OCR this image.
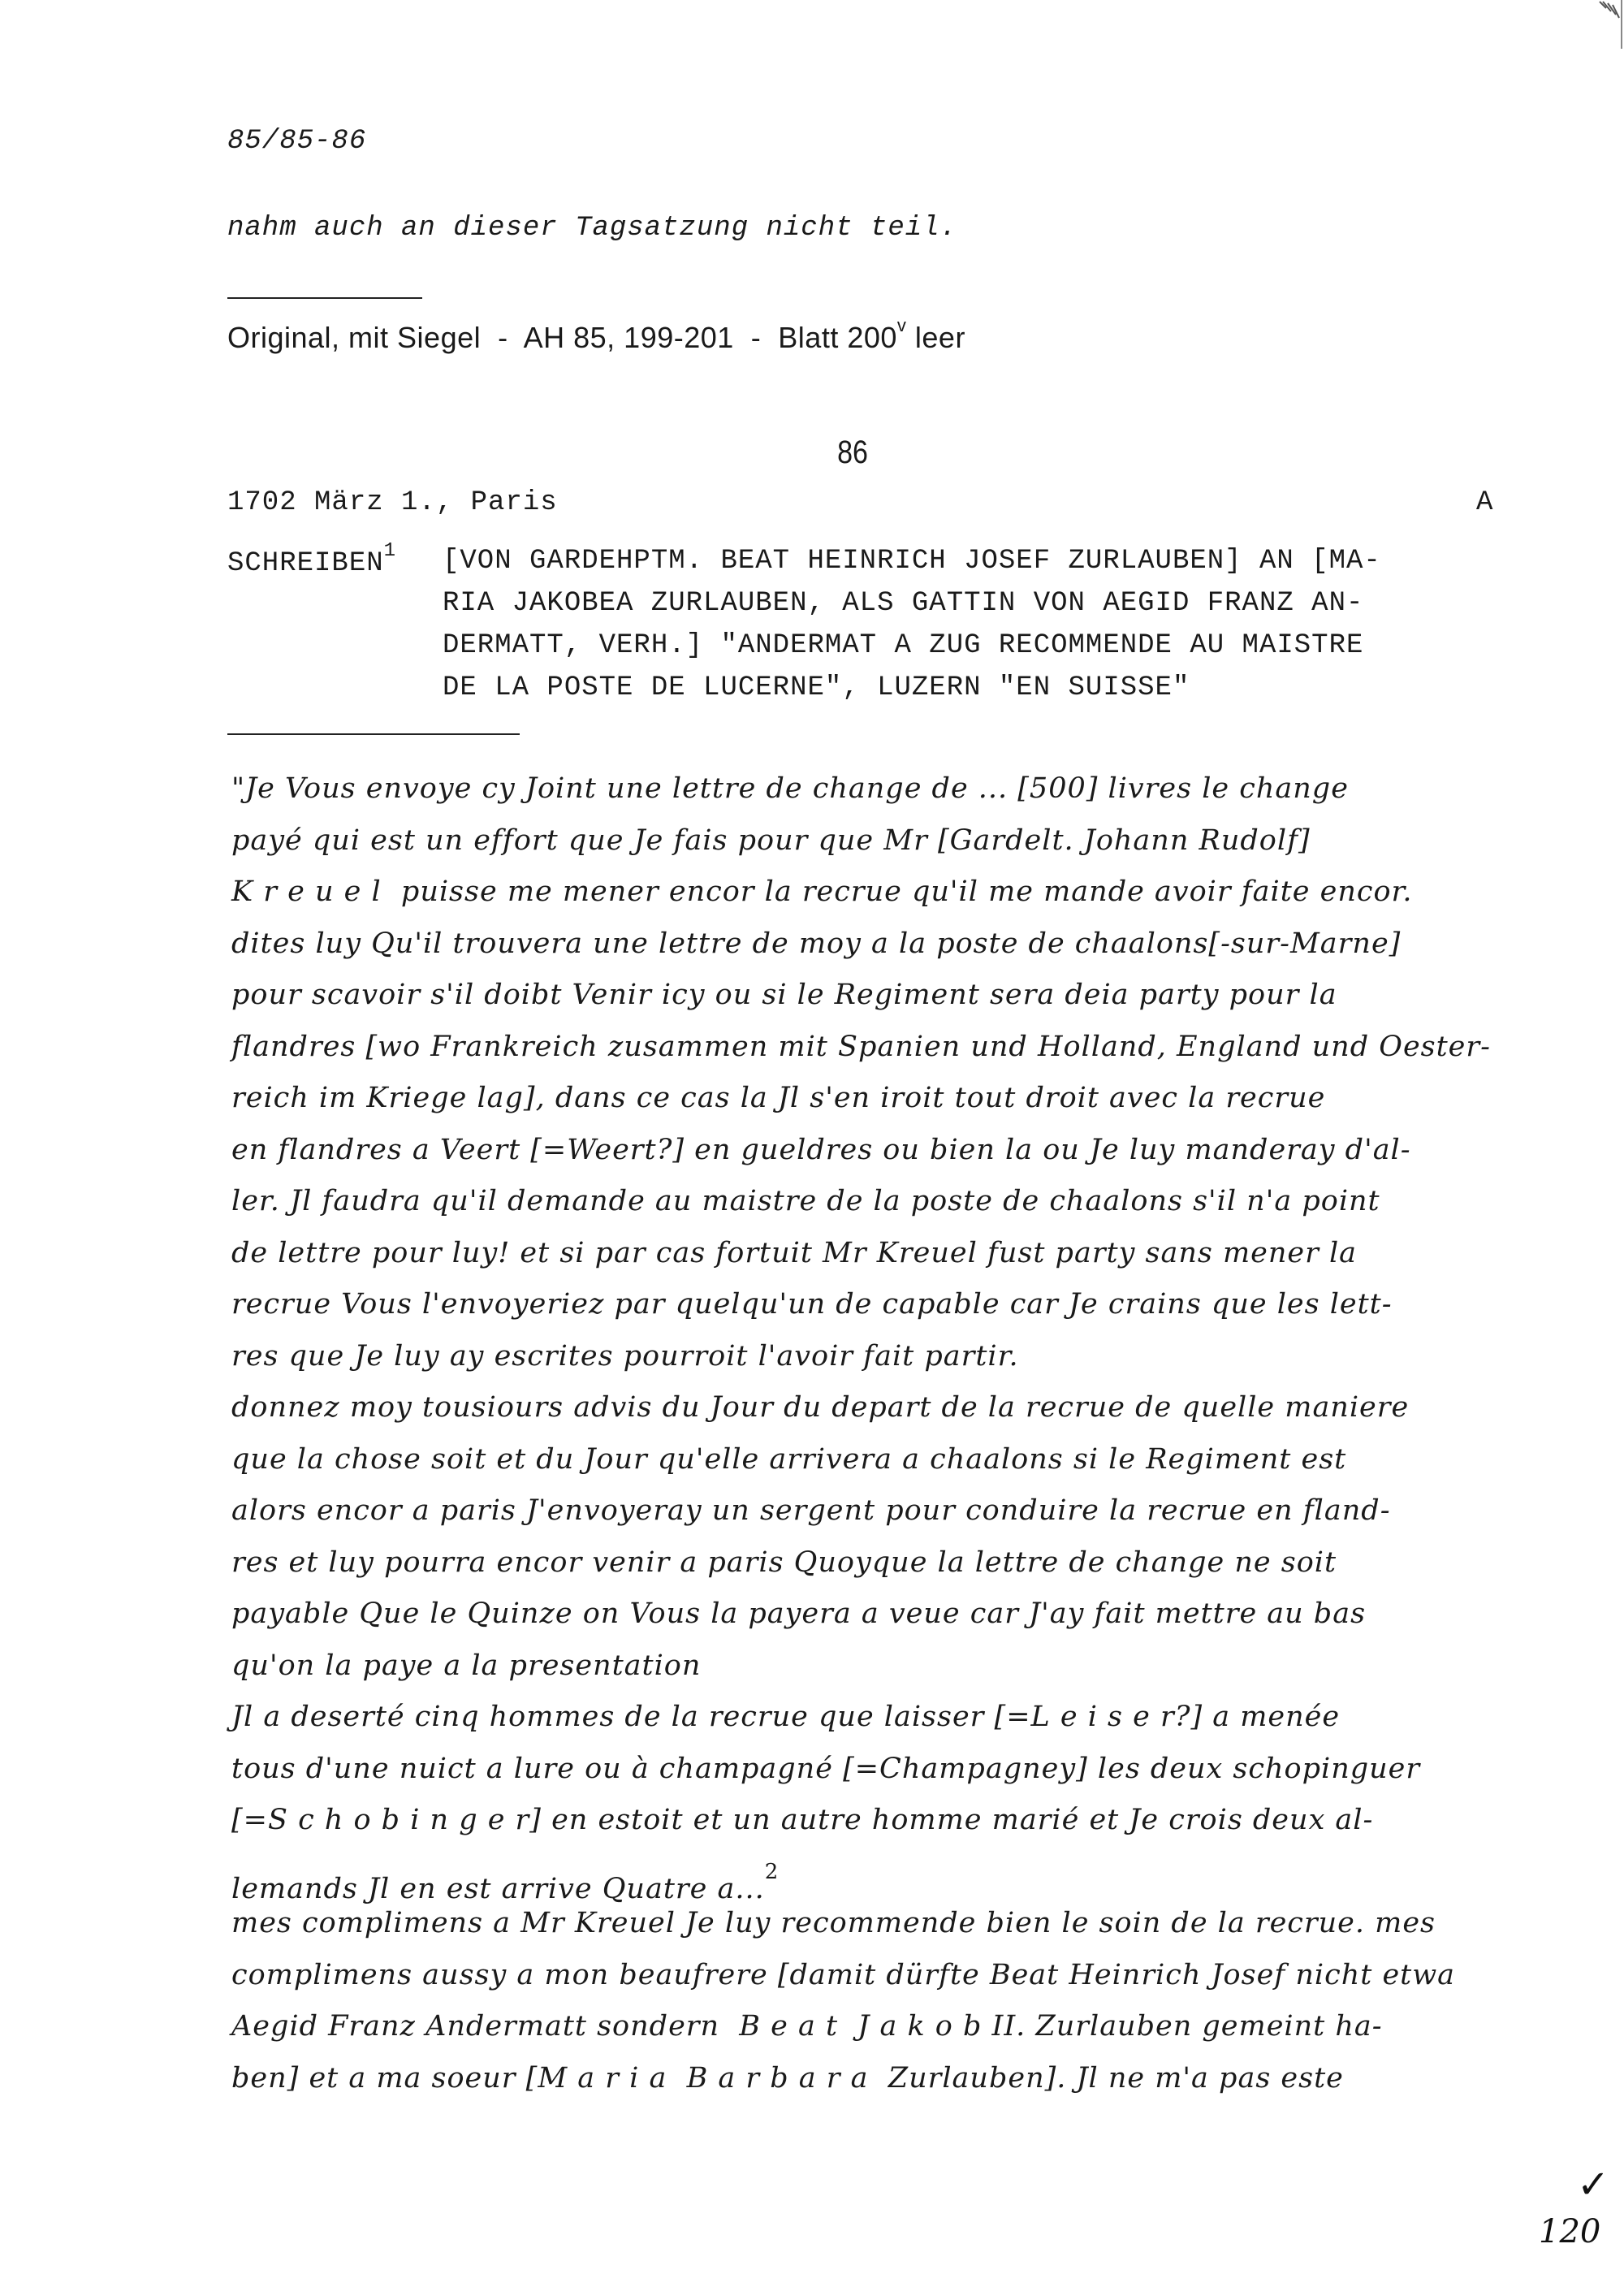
85/85-86
nahm auch an dieser Tagsatzung nicht teil.
Original, mit Siegel  -  AH 85, 199-201  -  Blatt 200$^v$ leer
86
1702 März 1., Paris	A
SCHREIBEN$^1$ [VON GARDEHPTM. BEAT HEINRICH JOSEF ZURLAUBEN] AN [MA-
RIA JAKOBEA ZURLAUBEN, ALS GATTIN VON AEGID FRANZ AN-
DERMATT, VERH.] "ANDERMAT A ZUG RECOMMENDE AU MAISTRE
DE LA POSTE DE LUCERNE", LUZERN "EN SUISSE"
"Je Vous envoye cy Joint une lettre de change de ... [500] livres le change
payé qui est un effort que Je fais pour que Mr [Gardelt. Johann Rudolf]
K r e u e l  puisse me mener encor la recrue qu'il me mande avoir faite encor.
dites luy Qu'il trouvera une lettre de moy a la poste de chaalons[-sur-Marne]
pour scavoir s'il doibt Venir icy ou si le Regiment sera deia party pour la
flandres [wo Frankreich zusammen mit Spanien und Holland, England und Oester-
reich im Kriege lag], dans ce cas la Jl s'en iroit tout droit avec la recrue
en flandres a Veert [=Weert?] en gueldres ou bien la ou Je luy manderay d'al-
ler. Jl faudra qu'il demande au maistre de la poste de chaalons s'il n'a point
de lettre pour luy! et si par cas fortuit Mr Kreuel fust party sans mener la
recrue Vous l'envoyeriez par quelqu'un de capable car Je crains que les lett-
res que Je luy ay escrites pourroit l'avoir fait partir.
donnez moy tousiours advis du Jour du depart de la recrue de quelle maniere
que la chose soit et du Jour qu'elle arrivera a chaalons si le Regiment est
alors encor a paris J'envoyeray un sergent pour conduire la recrue en fland-
res et luy pourra encor venir a paris Quoyque la lettre de change ne soit
payable Que le Quinze on Vous la payera a veue car J'ay fait mettre au bas
qu'on la paye a la presentation
Jl a deserté cinq hommes de la recrue que laisser [=L e i s e r?] a menée
tous d'une nuict a lure ou à champagné [=Champagney] les deux schopinguer
[=S c h o b i n g e r] en estoit et un autre homme marié et Je crois deux al-
lemands Jl en est arrive Quatre a...$^2$
mes complimens a Mr Kreuel Je luy recommende bien le soin de la recrue. mes
complimens aussy a mon beaufrere [damit dürfte Beat Heinrich Josef nicht etwa
Aegid Franz Andermatt sondern  B e a t  J a k o b II. Zurlauben gemeint ha-
ben] et a ma soeur [M a r i a  B a r b a r a  Zurlauben]. Jl ne m'a pas este
✓
120
